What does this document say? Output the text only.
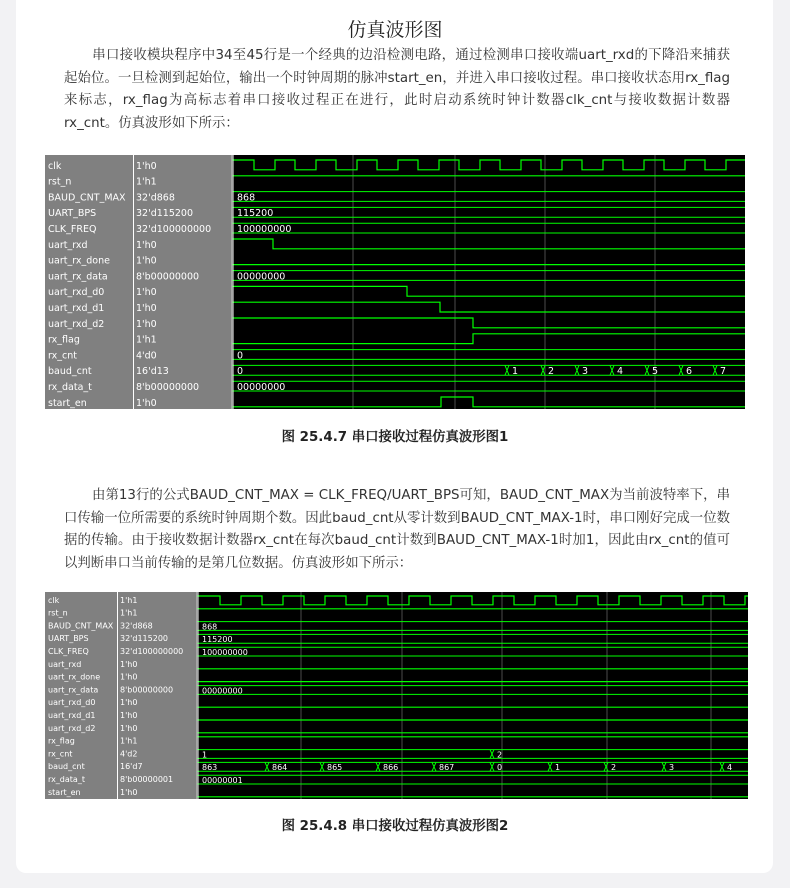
仿真波形图
串口接收模块程序中34至45行是一个经典的边沿检测电路，通过检测串口接收端uart_rxd的下降沿来捕获起始位。一旦检测到起始位，输出一个时钟周期的脉冲start_en，并进入串口接收过程。串口接收状态用rx_flag来标志，rx_flag为高标志着串口接收过程正在进行，此时启动系统时钟计数器clk_cnt与接收数据计数器rx_cnt。仿真波形如下所示：
clk	1'h0
rst_n	1'h1
BAUD_CNT_MAX 32'd868	868
UART_BPS	32'd115200	115200
CLK_FREQ	32'd100000000	100000000
uart_rxd	1'h0
uart_rx_done	1'h0
uart_rx_data	8'b00000000	00000000
uart_rxd_d0	1'h0
uart_rxd_d1	1'h0
uart_rxd_d2	1'h0
rx_flag	1'h1
rx_cnt	4'd0	0
baud_cnt	16'd13	0	1	2	3	4	5	6	7
rx_data_t	8'b00000000	00000000
start_en	1'h0
图 25.4.7 串口接收过程仿真波形图1
由第13行的公式BAUD_CNT_MAX = CLK_FREQ/UART_BPS可知，BAUD_CNT_MAX为当前波特率下，串口传输一位所需要的系统时钟周期个数。因此baud_cnt从零计数到BAUD_CNT_MAX-1时，串口刚好完成一位数据的传输。由于接收数据计数器rx_cnt在每次baud_cnt计数到BAUD_CNT_MAX-1时加1，因此由rx_cnt的值可以判断串口当前传输的是第几位数据。仿真波形如下所示：
clk	1'h1
rst_n	1'h1
BAUD_CNT_MAX 32'd868	868
UART_BPS	32'd115200	115200
CLK_FREQ	32'd100000000 100000000
uart_rxd	1'h0
uart_rx_done 1'h0
uart_rx_data	8'b00000000	00000000
uart_rxd_d0	1'h0
uart_rxd_d1	1'h0
uart_rxd_d2	1'h0
rx_flag	1'h1
rx_cnt	4'd2	1	2
baud_cnt	16'd7	863	864	865	866	867	0	1	2	3	4
rx_data_t	8'b00000001	00000001
start_en	1'h0
图 25.4.8 串口接收过程仿真波形图2
